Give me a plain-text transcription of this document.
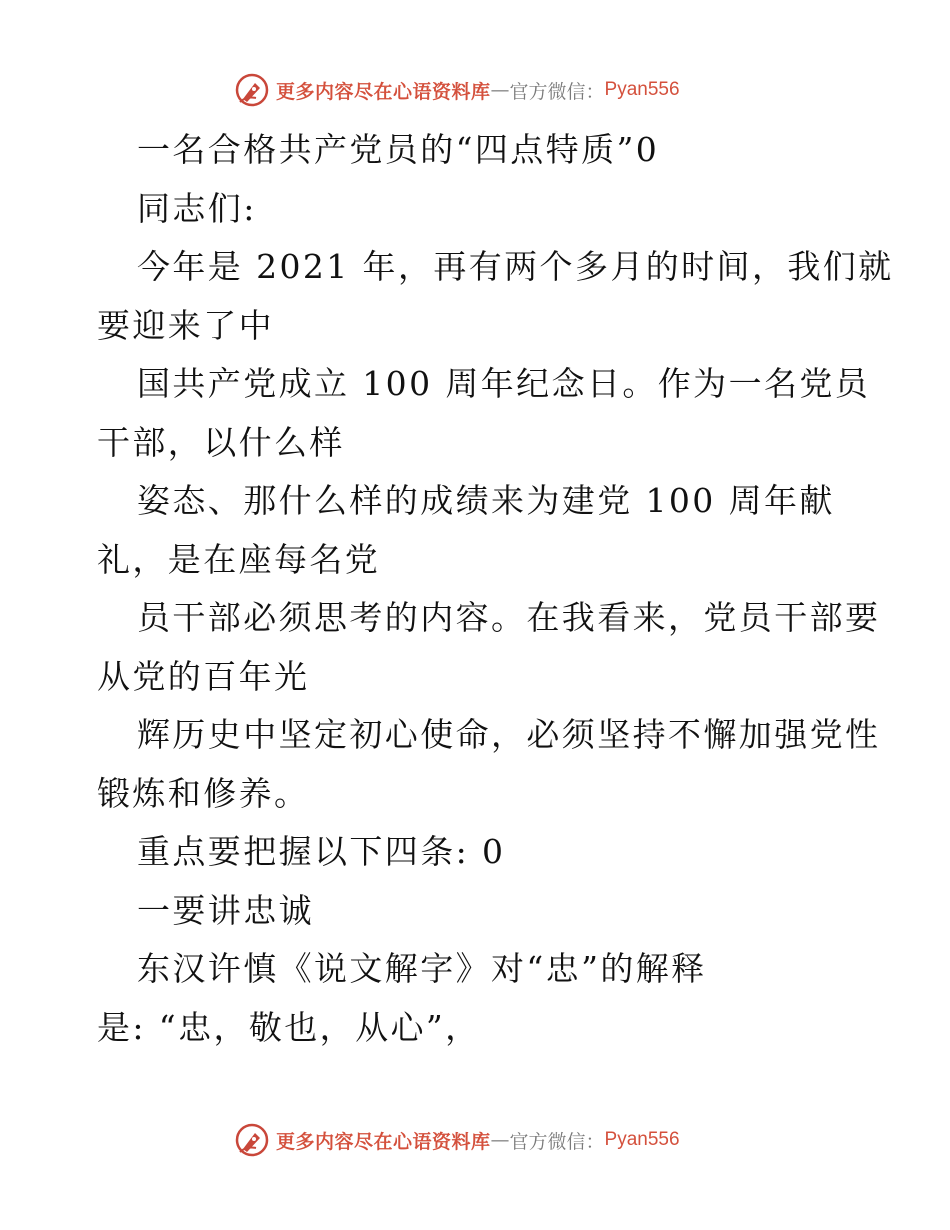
更多内容尽在心语资料库 — 官方微信： Pyan556
一名合格共产党员的“四点特质”0
同志们:
今年是 2021 年，再有两个多月的时间，我们就
要迎来了中
国共产党成立 100 周年纪念日。作为一名党员
干部，以什么样
姿态、那什么样的成绩来为建党 100 周年献
礼，是在座每名党
员干部必须思考的内容。在我看来，党员干部要
从党的百年光
辉历史中坚定初心使命，必须坚持不懈加强党性
锻炼和修养。
重点要把握以下四条: 0
一要讲忠诚
东汉许慎《说文解字》对“忠”的解释
是: “忠，敬也，从心”，
更多内容尽在心语资料库 — 官方微信： Pyan556
